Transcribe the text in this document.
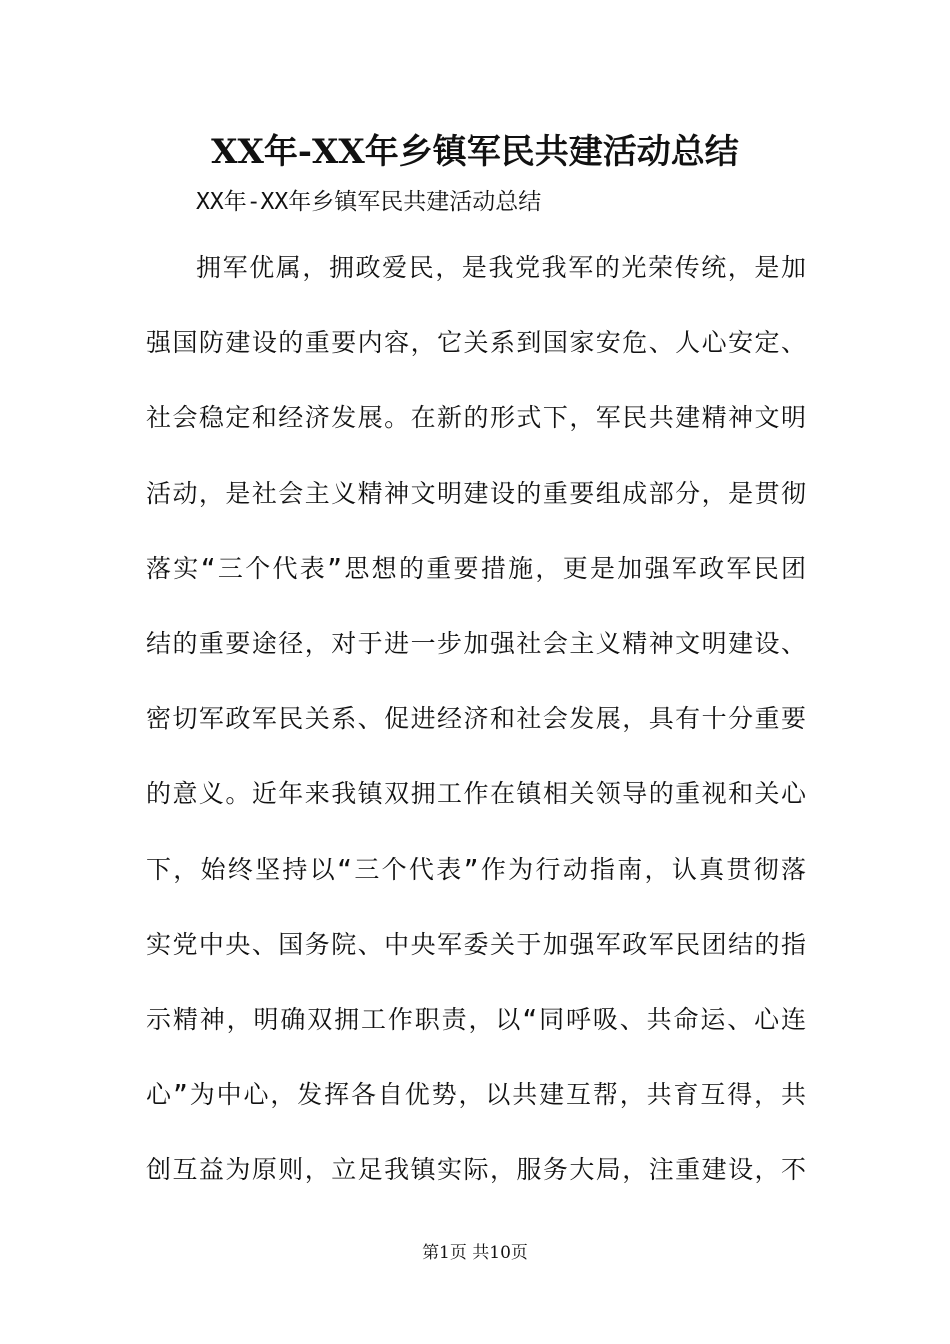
XX年-XX年乡镇军民共建活动总结
XX年-XX年乡镇军民共建活动总结
拥军优属，拥政爱民，是我党我军的光荣传统，是加
强国防建设的重要内容，它关系到国家安危、人心安定、
社会稳定和经济发展。在新的形式下，军民共建精神文明
活动，是社会主义精神文明建设的重要组成部分，是贯彻
落实“三个代表”思想的重要措施，更是加强军政军民团
结的重要途径，对于进一步加强社会主义精神文明建设、
密切军政军民关系、促进经济和社会发展，具有十分重要
的意义。近年来我镇双拥工作在镇相关领导的重视和关心
下，始终坚持以“三个代表”作为行动指南，认真贯彻落
实党中央、国务院、中央军委关于加强军政军民团结的指
示精神，明确双拥工作职责，以“同呼吸、共命运、心连
心”为中心，发挥各自优势，以共建互帮，共育互得，共
创互益为原则，立足我镇实际，服务大局，注重建设，不
第1页 共10页
